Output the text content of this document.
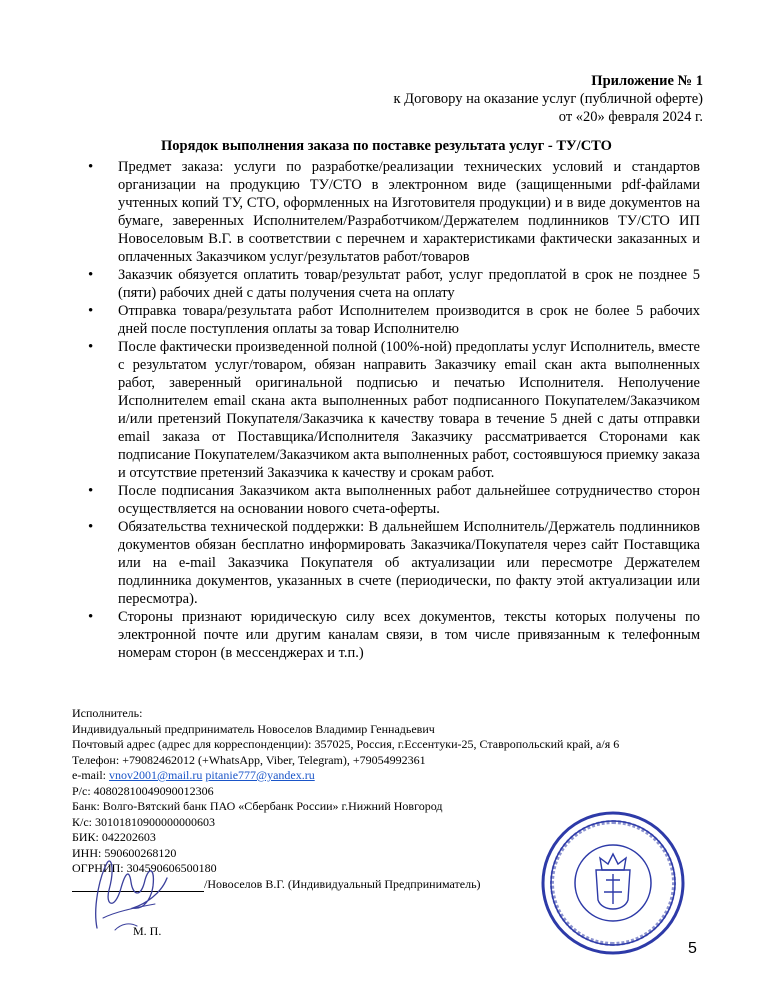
Приложение № 1
к Договору на оказание услуг (публичной оферте)
от «20» февраля 2024 г.
Порядок выполнения заказа по поставке результата услуг - ТУ/СТО
• Предмет заказа: услуги по разработке/реализации технических условий и стандартов организации на продукцию ТУ/СТО в электронном виде (защищенными pdf-файлами учтенных копий ТУ, СТО, оформленных на Изготовителя продукции) и в виде документов на бумаге, заверенных Исполнителем/Разработчиком/Держателем подлинников ТУ/СТО ИП Новоселовым В.Г. в соответствии с перечнем и характеристиками фактически заказанных и оплаченных Заказчиком услуг/результатов работ/товаров
• Заказчик обязуется оплатить товар/результат работ, услуг предоплатой в срок не позднее 5 (пяти) рабочих дней с даты получения счета на оплату
• Отправка товара/результата работ Исполнителем производится в срок не более 5 рабочих дней после поступления оплаты за товар Исполнителю
• После фактически произведенной полной (100%-ной) предоплаты услуг Исполнитель, вместе с результатом услуг/товаром, обязан направить Заказчику email скан акта выполненных работ, заверенный оригинальной подписью и печатью Исполнителя. Неполучение Исполнителем email скана акта выполненных работ подписанного Покупателем/Заказчиком и/или претензий Покупателя/Заказчика к качеству товара в течение 5 дней с даты отправки email заказа от Поставщика/Исполнителя Заказчику рассматривается Сторонами как подписание Покупателем/Заказчиком акта выполненных работ, состоявшуюся приемку заказа и отсутствие претензий Заказчика к качеству и срокам работ.
• После подписания Заказчиком акта выполненных работ дальнейшее сотрудничество сторон осуществляется на основании нового счета-оферты.
• Обязательства технической поддержки: В дальнейшем Исполнитель/Держатель подлинников документов обязан бесплатно информировать Заказчика/Покупателя через сайт Поставщика или на e-mail Заказчика Покупателя об актуализации или пересмотре Держателем подлинника документов, указанных в счете (периодически, по факту этой актуализации или пересмотра).
• Стороны признают юридическую силу всех документов, тексты которых получены по электронной почте или другим каналам связи, в том числе привязанным к телефонным номерам сторон (в мессенджерах и т.п.)
Исполнитель:
Индивидуальный предприниматель Новоселов Владимир Геннадьевич
Почтовый адрес (адрес для корреспонденции): 357025, Россия, г.Ессентуки-25, Ставропольский край, а/я 6
Телефон: +79082462012 (+WhatsApp, Viber, Telegram), +79054992361
e-mail: vnov2001@mail.ru pitanie777@yandex.ru
Р/с: 40802810049090012306
Банк: Волго-Вятский банк ПАО «Сбербанк России» г.Нижний Новгород
К/с: 30101810900000000603
БИК: 042202603
ИНН: 590600268120
ОГРНИП: 304590606500180
/Новоселов В.Г. (Индивидуальный Предприниматель)
М. П.
5
